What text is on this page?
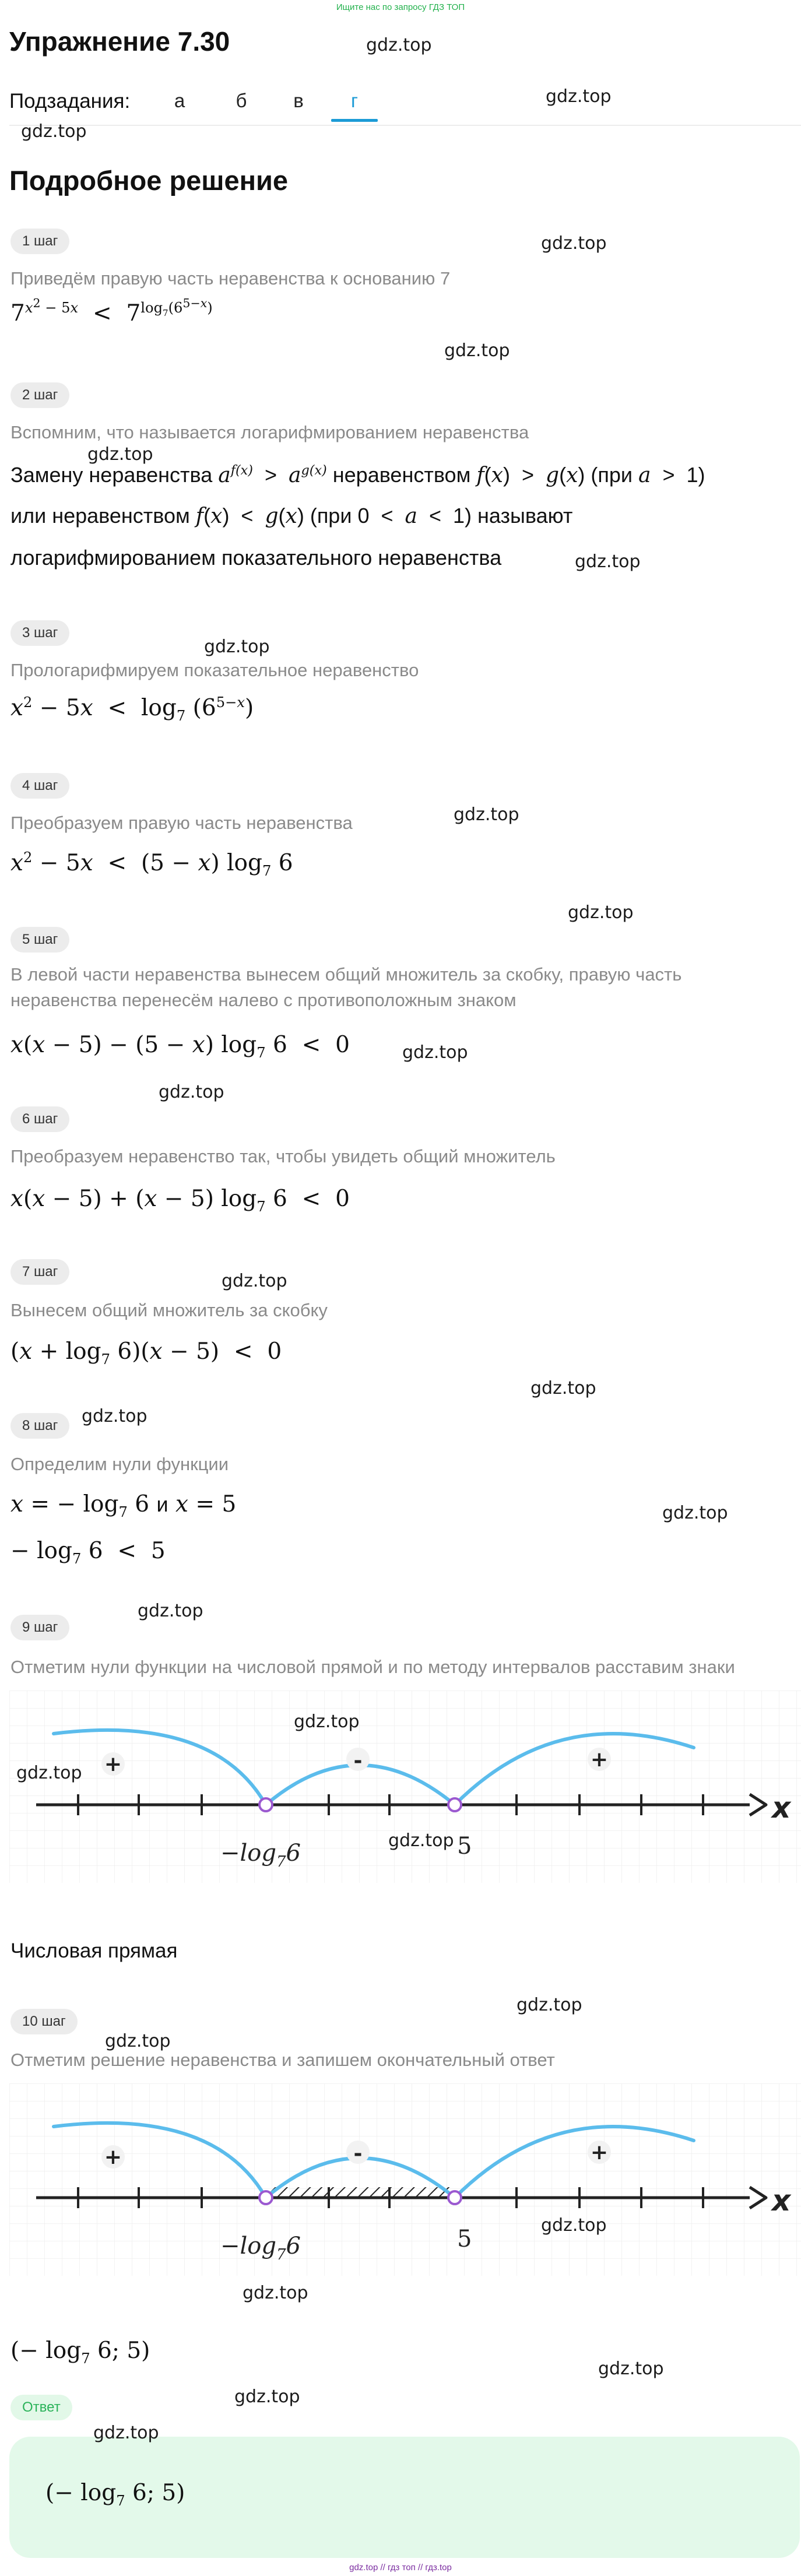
Ищите нас по запросу ГДЗ ТОП
Упражнение 7.30
Подзадания:	а	б	в	г
Подробное решение
1 шаг
Приведём правую часть неравенства к основанию 7
$7^{x^2 - 5x} < 7^{log_7(6^{5-x})}$
2 шаг
Вспомним, что называется логарифмированием неравенства
Замену неравенства $a^{f(x)} > a^{g(x)}$ неравенством f(x)  >  g(x) (при a  >  1)
или неравенством f(x)  <  g(x) (при 0  <  a  <  1) называют
логарифмированием показательного неравенства
3 шаг
Прологарифмируем показательное неравенство
$x^2 - 5x < \log_7 (6^{5-x})$
4 шаг
Преобразуем правую часть неравенства
$x^2 - 5x < (5 - x)$ $\log_7 6$
5 шаг
В левой части неравенства вынесем общий множитель за скобку, правую часть неравенства перенесём налево с противоположным знаком
x(x − 5) − (5 − x) $\log_7 6 < 0$
6 шаг
Преобразуем неравенство так, чтобы увидеть общий множитель
x(x − 5) + (x − 5) $\log_7 6 < 0$
7 шаг
Вынесем общий множитель за скобку
$(x + \log_7 6)(x - 5) < 0$
8 шаг
Определим нули функции
x = − $\log_7 6$ и x = 5
− $\log_7 6 < 5$
9 шаг
Отметим нули функции на числовой прямой и по методу интервалов расставим знаки
+	-	+
x
$-\log_76$	5
Числовая прямая
10 шаг
Отметим решение неравенства и запишем окончательный ответ
+	-	+
x
$-\log_76$	5
(− $\log_7 6$; 5)
Ответ
(− $\log_7 6$; 5)
gdz.top
gdz.top
gdz.top
gdz.top
gdz.top
gdz.top
gdz.top
gdz.top
gdz.top
gdz.top
gdz.top
gdz.top
gdz.top
gdz.top
gdz.top
gdz.top
gdz.top
gdz.top
gdz.top
gdz.top
gdz.top
gdz.top
gdz.top
gdz.top
gdz.top
gdz.top
gdz.top
gdz.top // гдз топ // гдз.top
